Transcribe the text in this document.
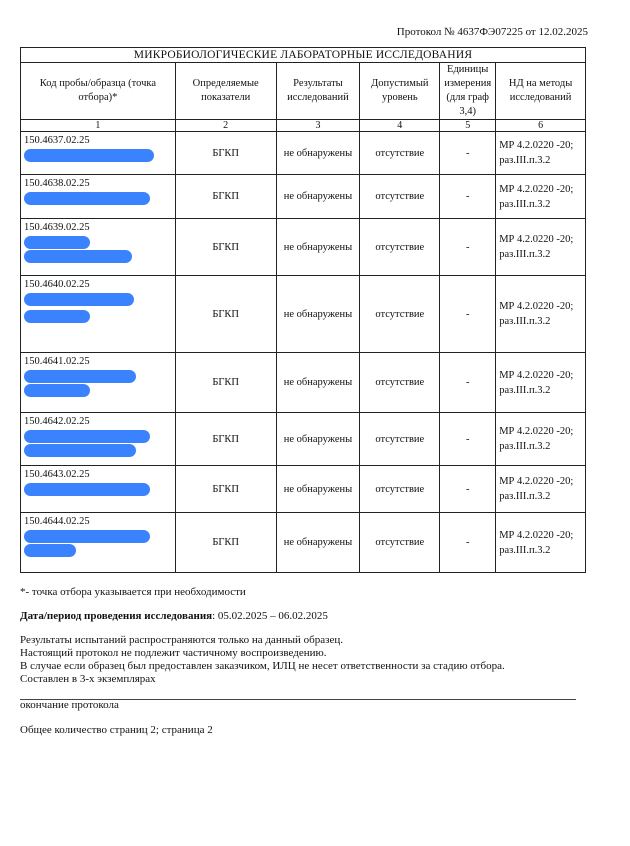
Протокол № 4637ФЭ07225 от 12.02.2025
МИКРОБИОЛОГИЧЕСКИЕ ЛАБОРАТОРНЫЕ ИССЛЕДОВАНИЯ					
Код пробы/образца (точка отбора)*	Определяемые показатели	Результаты исследований	Допустимый уровень	Единицы измерения (для граф 3,4)	НД на методы исследований
1	2	3	4	5	6

150.4637.02.25	БГКП	не обнаружены	отсутствие	-	МР 4.2.0220 -20;
раз.III.п.3.2

150.4638.02.25	БГКП	не обнаружены	отсутствие	-	МР 4.2.0220 -20;
раз.III.п.3.2

150.4639.02.25	БГКП	не обнаружены	отсутствие	-	МР 4.2.0220 -20;
раз.III.п.3.2

150.4640.02.25	БГКП	не обнаружены	отсутствие	-	МР 4.2.0220 -20;
раз.III.п.3.2

150.4641.02.25	БГКП	не обнаружены	отсутствие	-	МР 4.2.0220 -20;
раз.III.п.3.2

150.4642.02.25	БГКП	не обнаружены	отсутствие	-	МР 4.2.0220 -20;
раз.III.п.3.2

150.4643.02.25	БГКП	не обнаружены	отсутствие	-	МР 4.2.0220 -20;
раз.III.п.3.2

150.4644.02.25	БГКП	не обнаружены	отсутствие	-	МР 4.2.0220 -20;
раз.III.п.3.2
*- точка отбора указывается при необходимости
Дата/период проведения исследования: 05.02.2025 – 06.02.2025
Результаты испытаний распространяются только на данный образец.
Настоящий протокол не подлежит частичному воспроизведению.
В случае если образец был предоставлен заказчиком, ИЛЦ не несет ответственности за стадию отбора.
Составлен в 3-х экземплярах
окончание протокола
Общее количество страниц 2; страница 2
